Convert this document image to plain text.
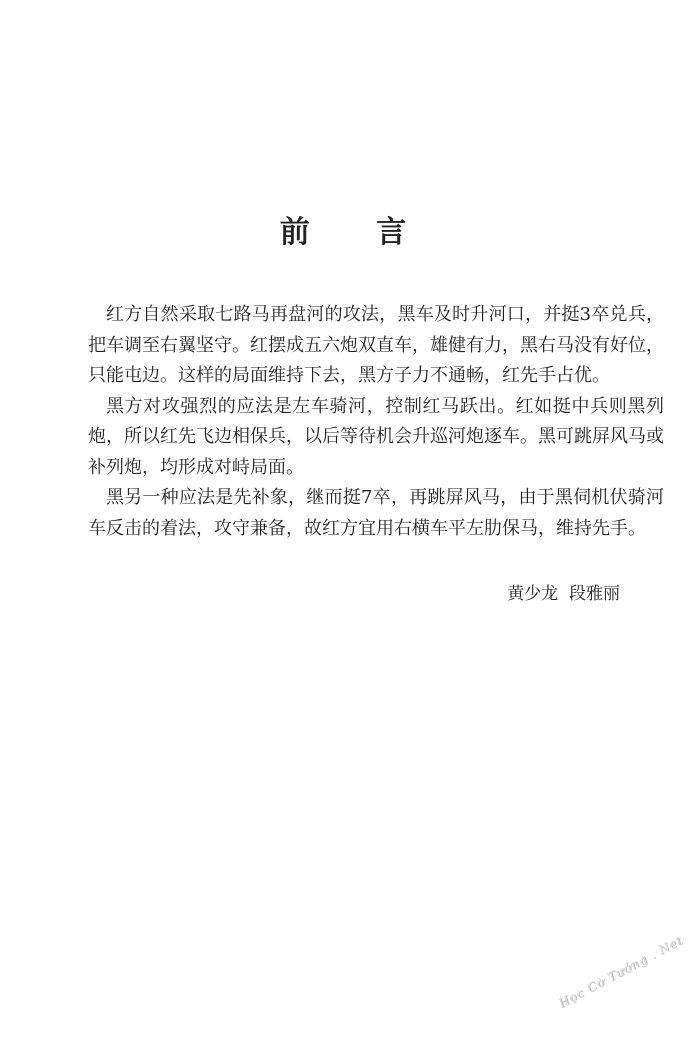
前 言

红方自然采取七路马再盘河的攻法，黑车及时升河口，并挺3卒兑兵，把车调至右翼坚守。红摆成五六炮双直车，雄健有力，黑右马没有好位，只能屯边。这样的局面维持下去，黑方子力不通畅，红先手占优。

黑方对攻强烈的应法是左车骑河，控制红马跃出。红如挺中兵则黑列炮，所以红先飞边相保兵，以后等待机会升巡河炮逐车。黑可跳屏风马或补列炮，均形成对峙局面。

黑另一种应法是先补象，继而挺7卒，再跳屏风马，由于黑伺机伏骑河车反击的着法，攻守兼备，故红方宜用右横车平左肋保马，维持先手。

黄少龙  段雅丽
Học Cờ Tướng . Net
